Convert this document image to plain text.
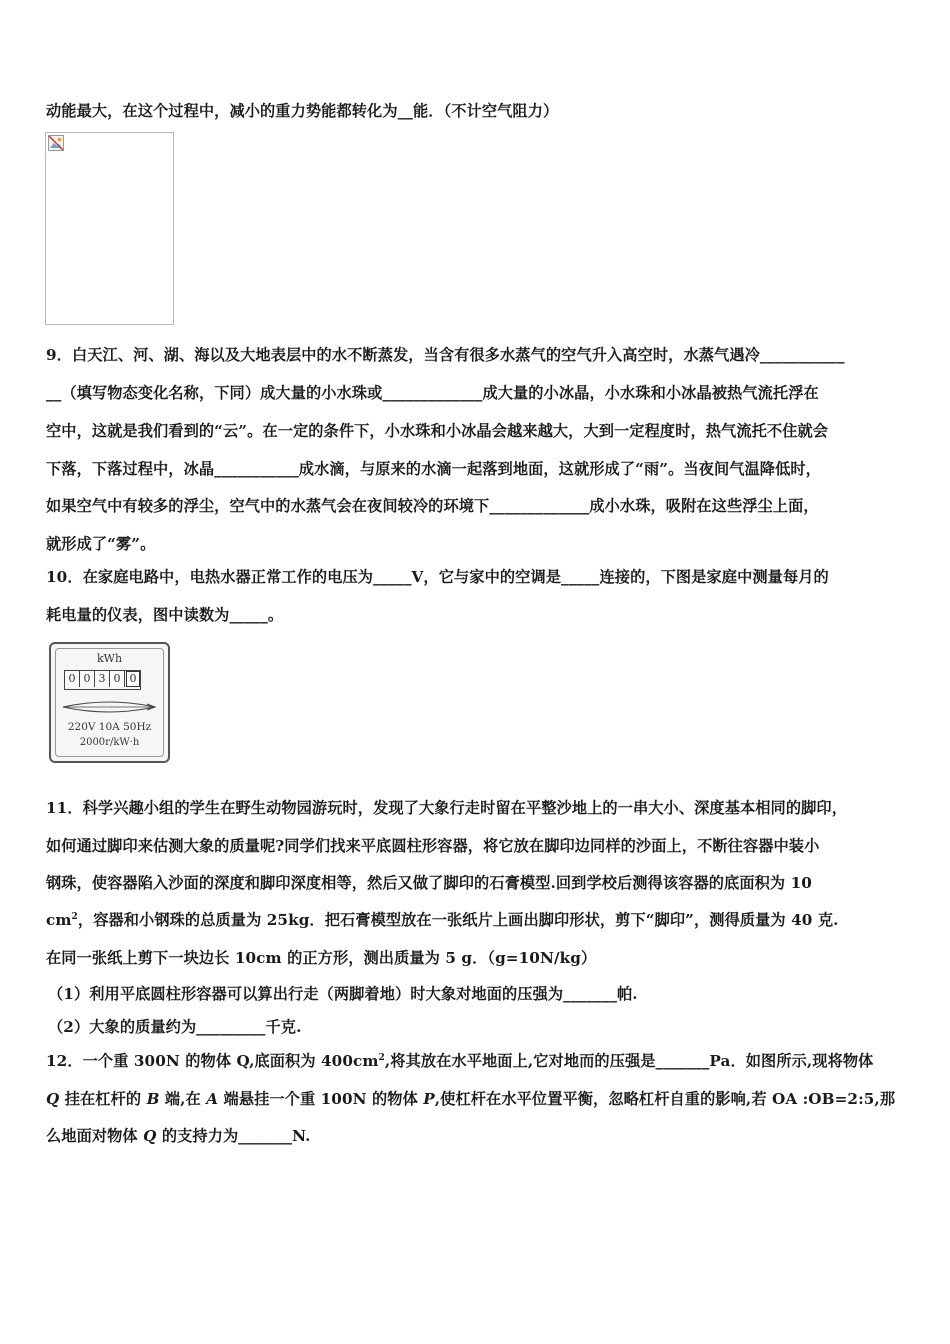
kWh
0 0 3 0 0
220V 10A 50Hz
2000r/kW·h
动能最大，在这个过程中，减小的重力势能都转化为__能．（不计空气阻力）
9．白天江、河、湖、海以及大地表层中的水不断蒸发，当含有很多水蒸气的空气升入高空时，水蒸气遇冷___________
__（填写物态变化名称，下同）成大量的小水珠或_____________成大量的小冰晶，小水珠和小冰晶被热气流托浮在
空中，这就是我们看到的“云”。在一定的条件下，小水珠和小冰晶会越来越大，大到一定程度时，热气流托不住就会
下落，下落过程中，冰晶___________成水滴，与原来的水滴一起落到地面，这就形成了“雨”。当夜间气温降低时，
如果空气中有较多的浮尘，空气中的水蒸气会在夜间较冷的环境下_____________成小水珠，吸附在这些浮尘上面，
就形成了“雾”。
10．在家庭电路中，电热水器正常工作的电压为_____V，它与家中的空调是_____连接的，下图是家庭中测量每月的
耗电量的仪表，图中读数为_____。
11．科学兴趣小组的学生在野生动物园游玩时，发现了大象行走时留在平整沙地上的一串大小、深度基本相同的脚印，
如何通过脚印来估测大象的质量呢?同学们找来平底圆柱形容器，将它放在脚印边同样的沙面上，不断往容器中装小
钢珠，使容器陷入沙面的深度和脚印深度相等，然后又做了脚印的石膏模型.回到学校后测得该容器的底面积为 10
$cm^2$，容器和小钢珠的总质量为 25kg．把石膏模型放在一张纸片上画出脚印形状，剪下“脚印”，测得质量为 40 克.
在同一张纸上剪下一块边长 10cm 的正方形，测出质量为 5 g．（g=10N/kg）
（1）利用平底圆柱形容器可以算出行走（两脚着地）时大象对地面的压强为_______帕.
（2）大象的质量约为_________千克.
12．一个重 300N 的物体 Q,底面积为 $400cm^2$,将其放在水平地面上,它对地而的压强是_______Pa．如图所示,现将物体
Q 挂在杠杆的 B 端,在 A 端悬挂一个重 100N 的物体 P,使杠杆在水平位置平衡，忽略杠杆自重的影响,若 OA :OB=2:5,那
么地面对物体 Q 的支持力为_______N.
